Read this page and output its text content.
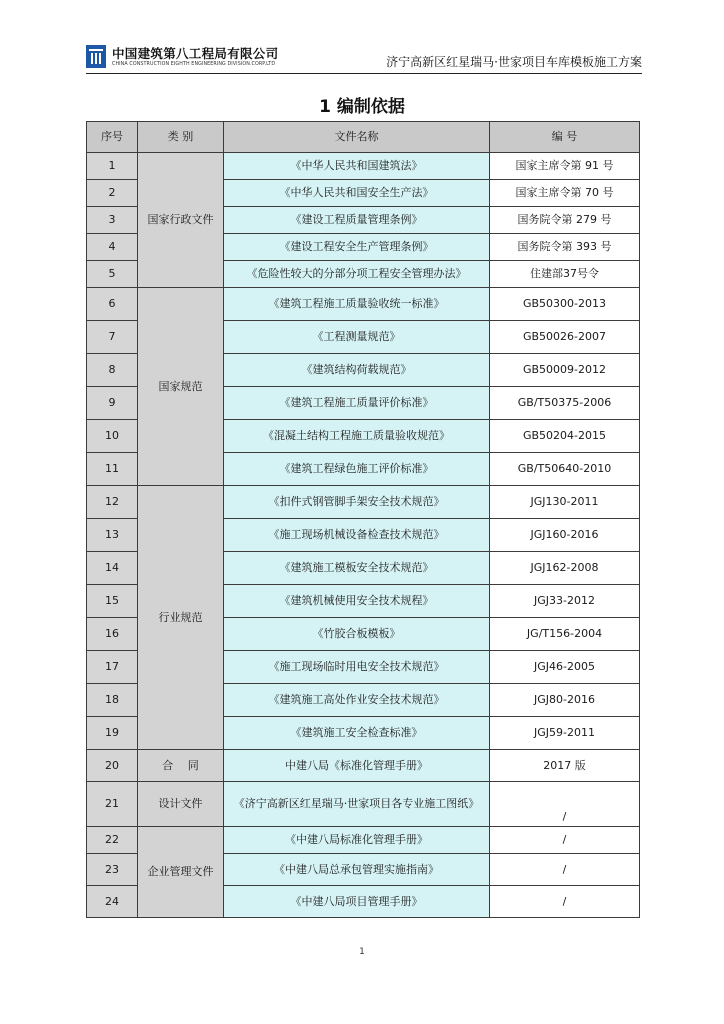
中国建筑第八工程局有限公司
CHINA CONSTRUCTION EIGHTH ENGINEERING DIVISION.CORP.LTD	济宁高新区红星瑞马·世家项目车库模板施工方案
1 编制依据
序号	类 别	文件名称	编 号
1	国家行政文件	《中华人民共和国建筑法》	国家主席令第 91 号
2		《中华人民共和国安全生产法》	国家主席令第 70 号
3		《建设工程质量管理条例》	国务院令第 279 号
4		《建设工程安全生产管理条例》	国务院令第 393 号
5		《危险性较大的分部分项工程安全管理办法》	住建部37号令
6	国家规范	《建筑工程施工质量验收统一标准》	GB50300-2013
7		《工程测量规范》	GB50026-2007
8		《建筑结构荷载规范》	GB50009-2012
9		《建筑工程施工质量评价标准》	GB/T50375-2006
10		《混凝土结构工程施工质量验收规范》	GB50204-2015
11		《建筑工程绿色施工评价标准》	GB/T50640-2010
12	行业规范	《扣件式钢管脚手架安全技术规范》	JGJ130-2011
13		《施工现场机械设备检查技术规范》	JGJ160-2016
14		《建筑施工模板安全技术规范》	JGJ162-2008
15		《建筑机械使用安全技术规程》	JGJ33-2012
16		《竹胶合板模板》	JG/T156-2004
17		《施工现场临时用电安全技术规范》	JGJ46-2005
18		《建筑施工高处作业安全技术规范》	JGJ80-2016
19		《建筑施工安全检查标准》	JGJ59-2011
20	合　 同	中建八局《标准化管理手册》	2017 版
21	设计文件	《济宁高新区红星瑞马·世家项目各专业施工图纸》	/
22	企业管理文件	《中建八局标准化管理手册》	/
23		《中建八局总承包管理实施指南》	/
24		《中建八局项目管理手册》	/
1
